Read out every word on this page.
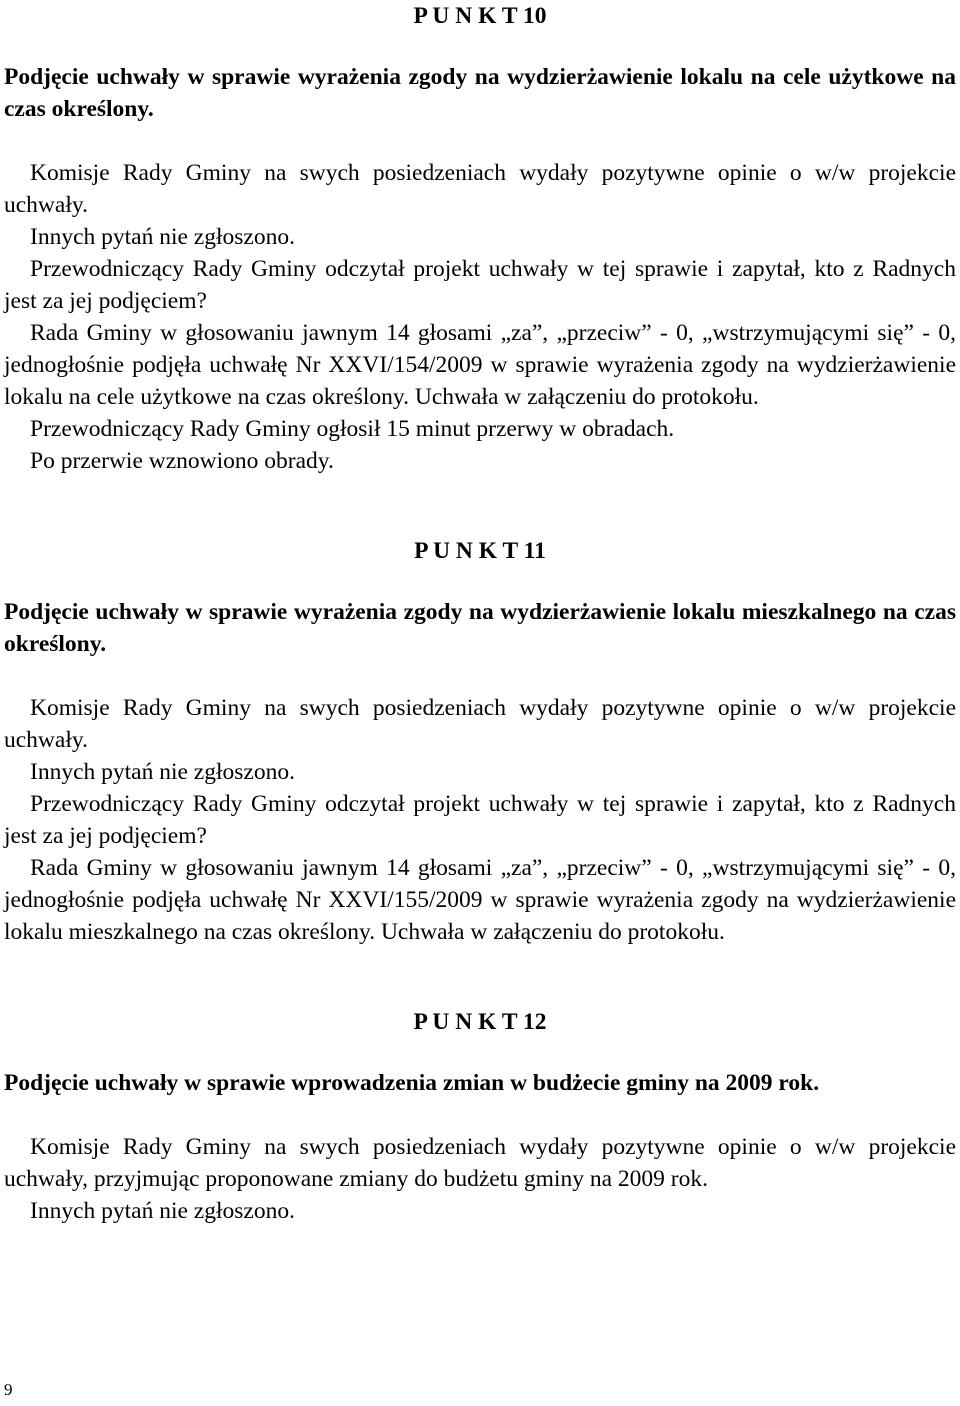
P U N K T 10

Podjęcie uchwały w sprawie wyrażenia zgody na wydzierżawienie lokalu na cele użytkowe na czas określony.

Komisje Rady Gminy na swych posiedzeniach wydały pozytywne opinie o w/w projekcie uchwały.

Innych pytań nie zgłoszono.

Przewodniczący Rady Gminy odczytał projekt uchwały w tej sprawie i zapytał, kto z Radnych jest za jej podjęciem?

Rada Gminy w głosowaniu jawnym 14 głosami „za”, „przeciw” - 0, „wstrzymującymi się” - 0, jednogłośnie podjęła uchwałę Nr XXVI/154/2009 w sprawie wyrażenia zgody na wydzierżawienie lokalu na cele użytkowe na czas określony. Uchwała w załączeniu do protokołu.

Przewodniczący Rady Gminy ogłosił 15 minut przerwy w obradach.

Po przerwie wznowiono obrady.

P U N K T 11

Podjęcie uchwały w sprawie wyrażenia zgody na wydzierżawienie lokalu mieszkalnego na czas określony.

Komisje Rady Gminy na swych posiedzeniach wydały pozytywne opinie o w/w projekcie uchwały.

Innych pytań nie zgłoszono.

Przewodniczący Rady Gminy odczytał projekt uchwały w tej sprawie i zapytał, kto z Radnych jest za jej podjęciem?

Rada Gminy w głosowaniu jawnym 14 głosami „za”, „przeciw” - 0, „wstrzymującymi się” - 0, jednogłośnie podjęła uchwałę Nr XXVI/155/2009 w sprawie wyrażenia zgody na wydzierżawienie lokalu mieszkalnego na czas określony. Uchwała w załączeniu do protokołu.

P U N K T 12

Podjęcie uchwały w sprawie wprowadzenia zmian w budżecie gminy na 2009 rok.

Komisje Rady Gminy na swych posiedzeniach wydały pozytywne opinie o w/w projekcie uchwały, przyjmując proponowane zmiany do budżetu gminy na 2009 rok.

Innych pytań nie zgłoszono.

9
